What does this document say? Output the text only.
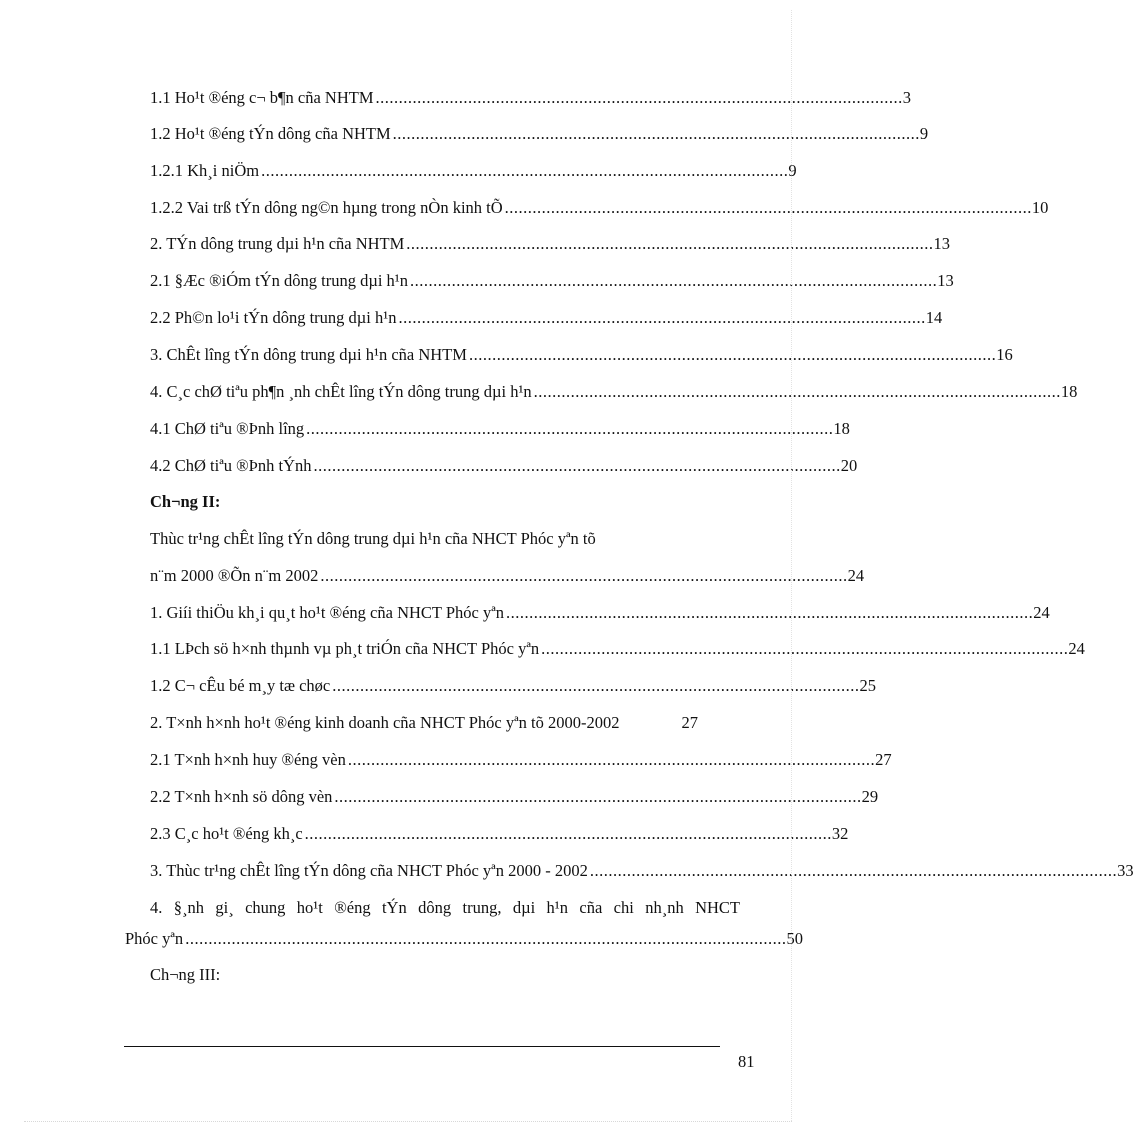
1.1 Ho¹t ®éng c¬ b¶n cña NHTM .................................................................................................................. 3
1.2 Ho¹t ®éng tÝn dông cña NHTM .................................................................................................................. 9
1.2.1 Kh¸i niÖm .................................................................................................................. 9
1.2.2 Vai trß tÝn dông ng©n hµng trong nÒn kinh tÕ .................................................................................................................. 10
2. TÝn dông trung dµi h¹n cña NHTM .................................................................................................................. 13
2.1 §Æc ®iÓm tÝn dông trung dµi h¹n .................................................................................................................. 13
2.2 Ph©n lo¹i tÝn dông trung dµi h¹n .................................................................................................................. 14
3. ChÊt lîng tÝn dông trung dµi h¹n cña NHTM .................................................................................................................. 16
4. C¸c chØ tiªu ph¶n ¸nh chÊt lîng tÝn dông trung dµi h¹n .................................................................................................................. 18
4.1 ChØ tiªu ®Þnh lîng .................................................................................................................. 18
4.2 ChØ tiªu ®Þnh tÝnh .................................................................................................................. 20
Ch¬ng II:
Thùc tr¹ng chÊt lîng tÝn dông trung dµi h¹n cña NHCT Phóc yªn tõ
n¨m 2000 ®Õn n¨m 2002 .................................................................................................................. 24
1. Giíi thiÖu kh¸i qu¸t ho¹t ®éng cña NHCT Phóc yªn .................................................................................................................. 24
1.1 LÞch sö h×nh thµnh vµ ph¸t triÓn cña NHCT Phóc yªn .................................................................................................................. 24
1.2 C¬ cÊu bé m¸y tæ chøc .................................................................................................................. 25
2. T×nh h×nh ho¹t ®éng kinh doanh cña NHCT Phóc yªn tõ 2000-2002	27
2.1 T×nh h×nh huy ®éng vèn .................................................................................................................. 27
2.2 T×nh h×nh sö dông vèn .................................................................................................................. 29
2.3 C¸c ho¹t ®éng kh¸c .................................................................................................................. 32
3. Thùc tr¹ng chÊt lîng tÝn dông cña NHCT Phóc yªn 2000 - 2002 .................................................................................................................. 33
4. §¸nh gi¸ chung ho¹t ®éng tÝn dông trung, dµi h¹n cña chi nh¸nh NHCT
Phóc yªn .................................................................................................................................. 50
Ch¬ng III:
81
